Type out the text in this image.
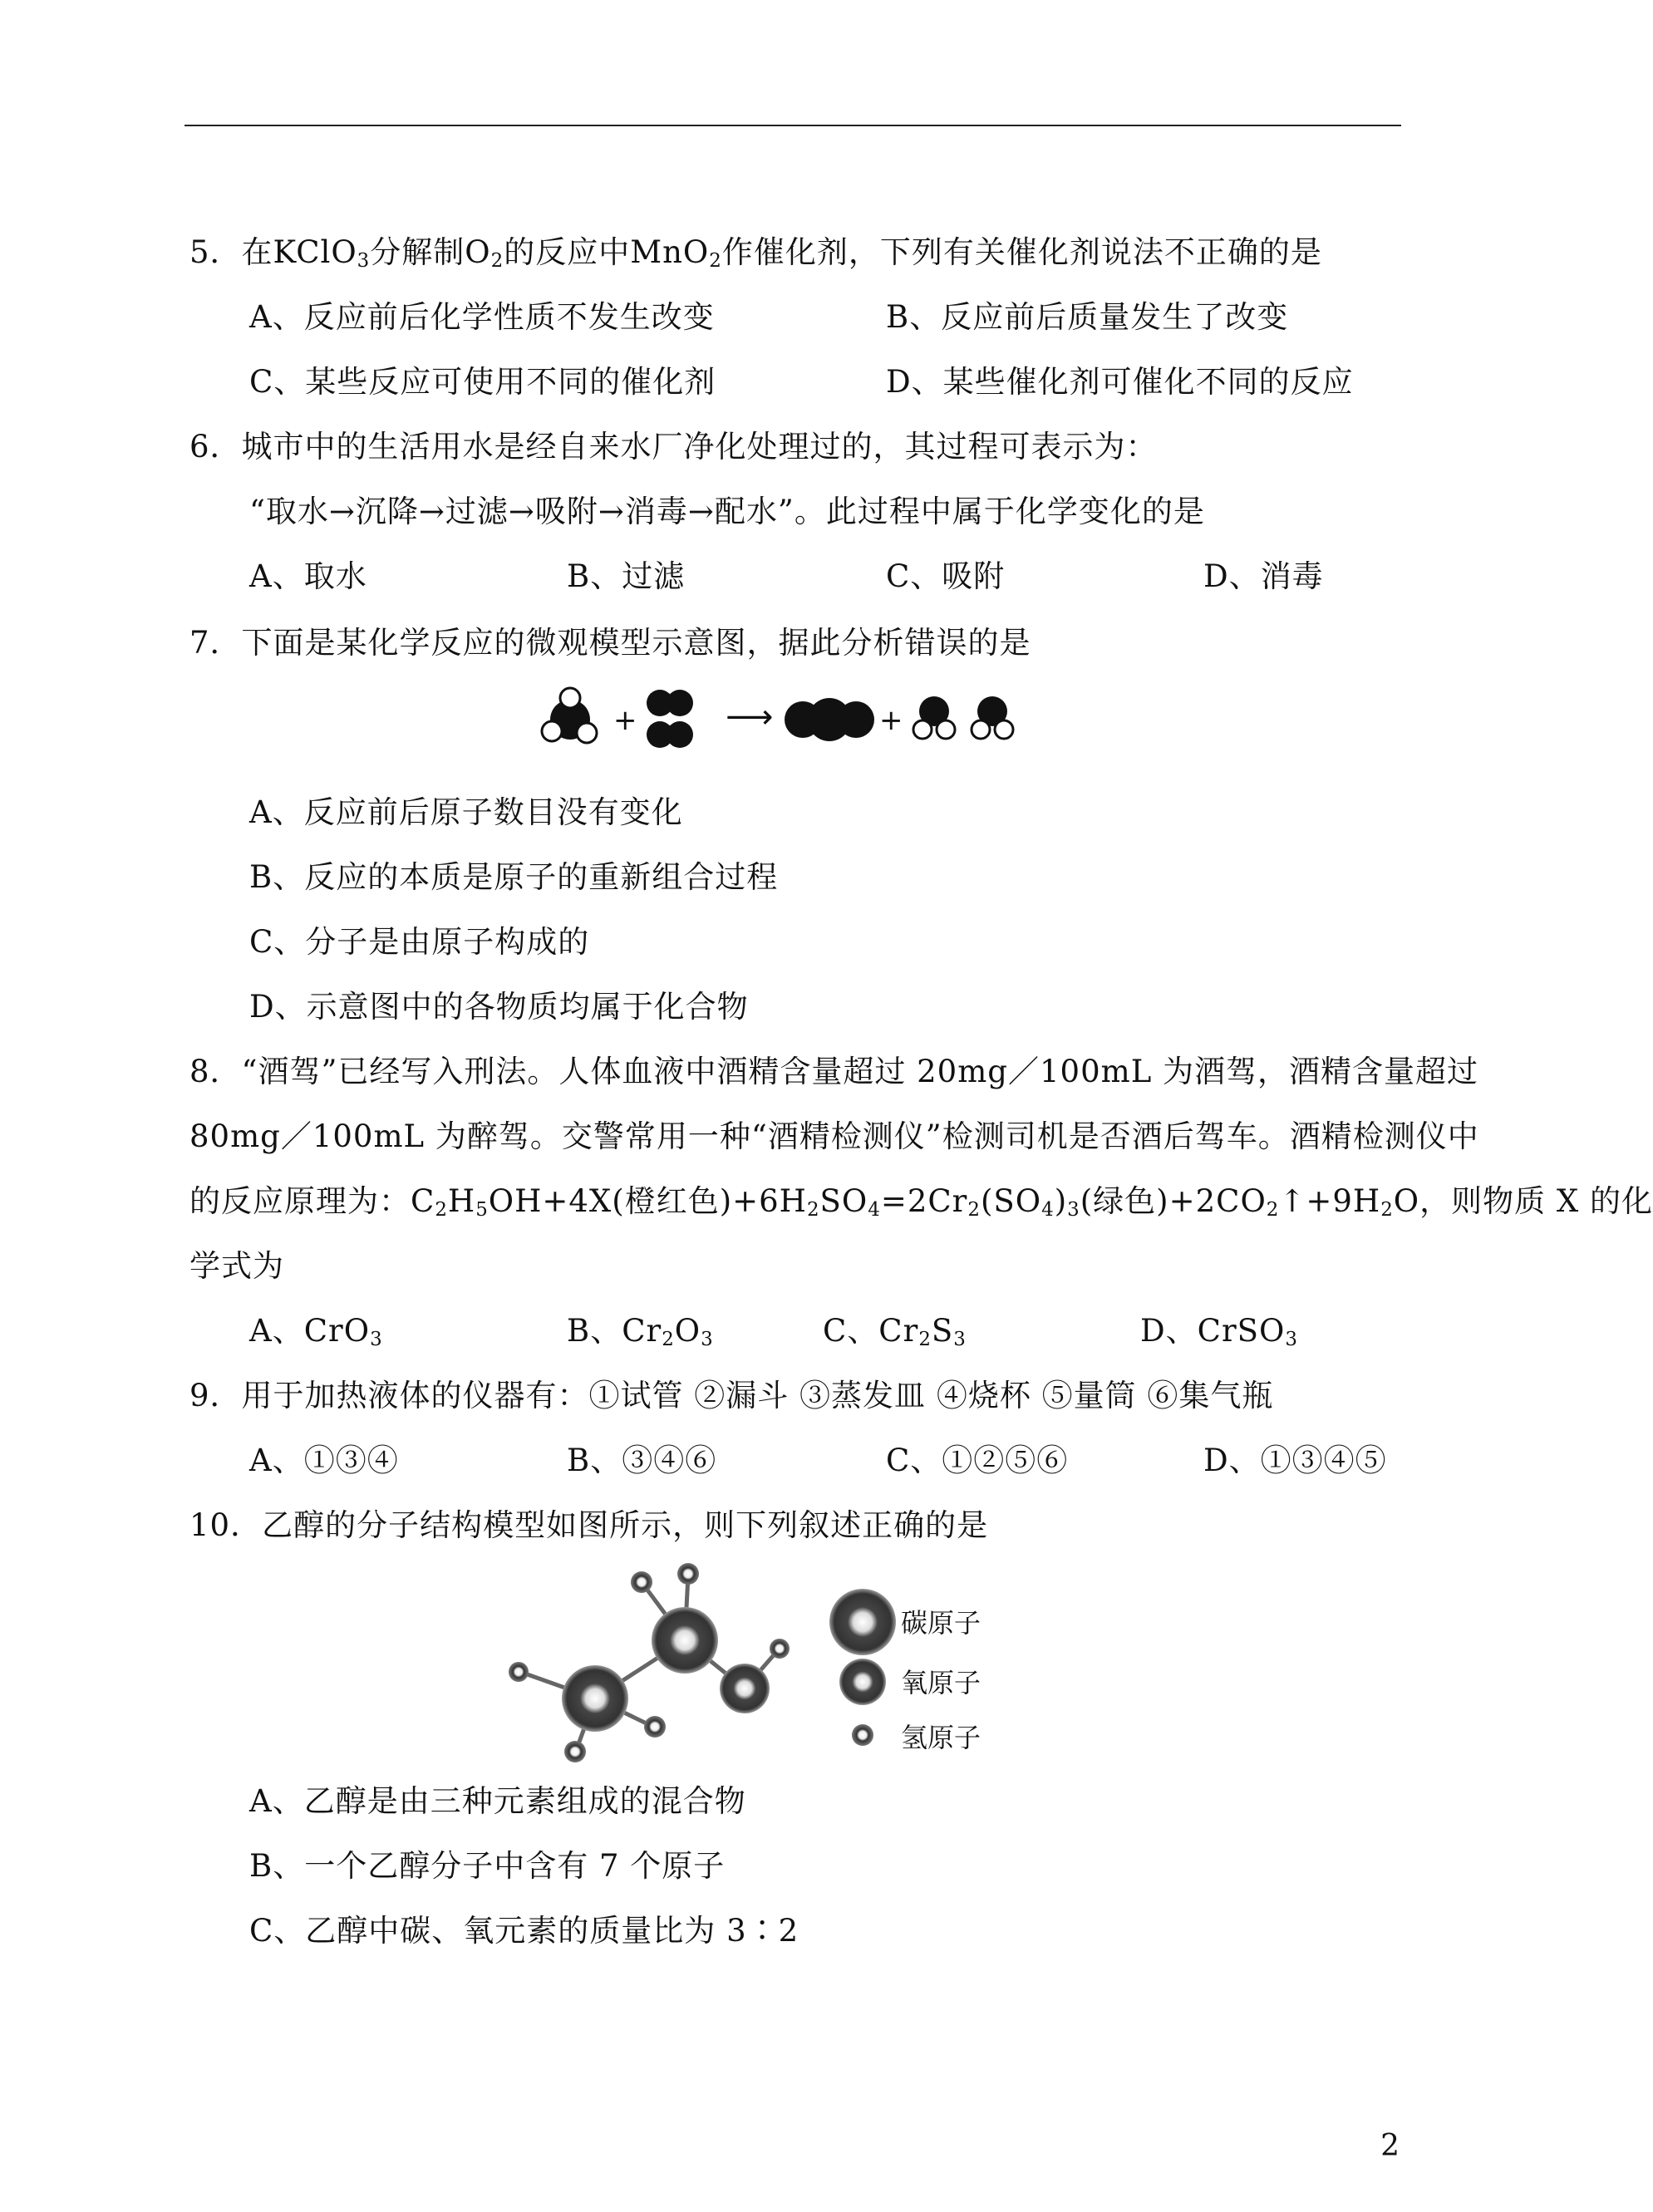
5．在KClO$_3$分解制$O_2$的反应中MnO$_2$作催化剂，下列有关催化剂说法不正确的是
A、反应前后化学性质不发生改变	B、反应前后质量发生了改变
C、某些反应可使用不同的催化剂	D、某些催化剂可催化不同的反应
6．城市中的生活用水是经自来水厂净化处理过的，其过程可表示为：
“取水→沉降→过滤→吸附→消毒→配水”。此过程中属于化学变化的是
A、取水	B、过滤	C、吸附	D、消毒
7．下面是某化学反应的微观模型示意图，据此分析错误的是
+	⟶	+
A、反应前后原子数目没有变化
B、反应的本质是原子的重新组合过程
C、分子是由原子构成的
D、示意图中的各物质均属于化合物
8．“酒驾”已经写入刑法。人体血液中酒精含量超过 20mg／100mL 为酒驾，酒精含量超过
80mg／100mL 为醉驾。交警常用一种“酒精检测仪”检测司机是否酒后驾车。酒精检测仪中
的反应原理为：$C_2H_5OH+4X$(橙红色)$+6H_2SO_4=2Cr_2(SO_4)_3$(绿色)$+2CO_2↑+9H_2O$，则物质 X 的化
学式为
A、CrO$_3$	B、$Cr_2O_3$	C、$Cr_2S_3$	D、CrSO$_3$
9．用于加热液体的仪器有：①试管 ②漏斗 ③蒸发皿 ④烧杯 ⑤量筒 ⑥集气瓶
A、①③④	B、③④⑥	C、①②⑤⑥	D、①③④⑤
10．乙醇的分子结构模型如图所示，则下列叙述正确的是
碳原子
氧原子
氢原子
A、乙醇是由三种元素组成的混合物
B、一个乙醇分子中含有 7 个原子
C、乙醇中碳、氧元素的质量比为 3∶2
2
